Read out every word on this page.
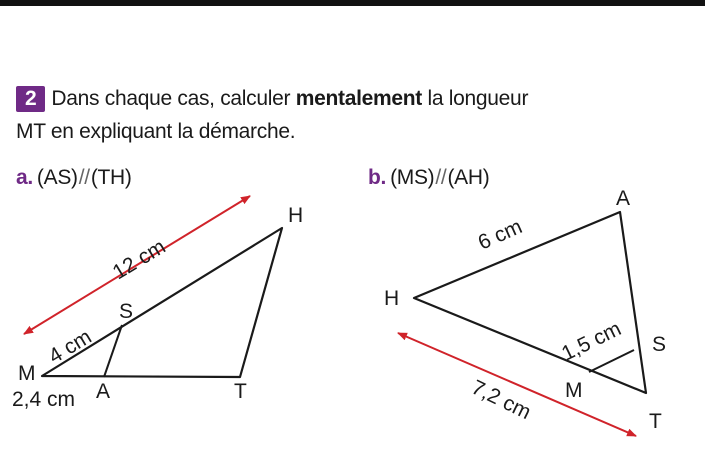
2 Dans chaque cas, calculer mentalement la longueur
MT en expliquant la démarche.
a. (AS)//(TH)	b. (MS)//(AH)
M
A	T
S
H
12 cm
4 cm
2,4 cm
A
H
S
M
T
6 cm
1,5 cm
7,2 cm
